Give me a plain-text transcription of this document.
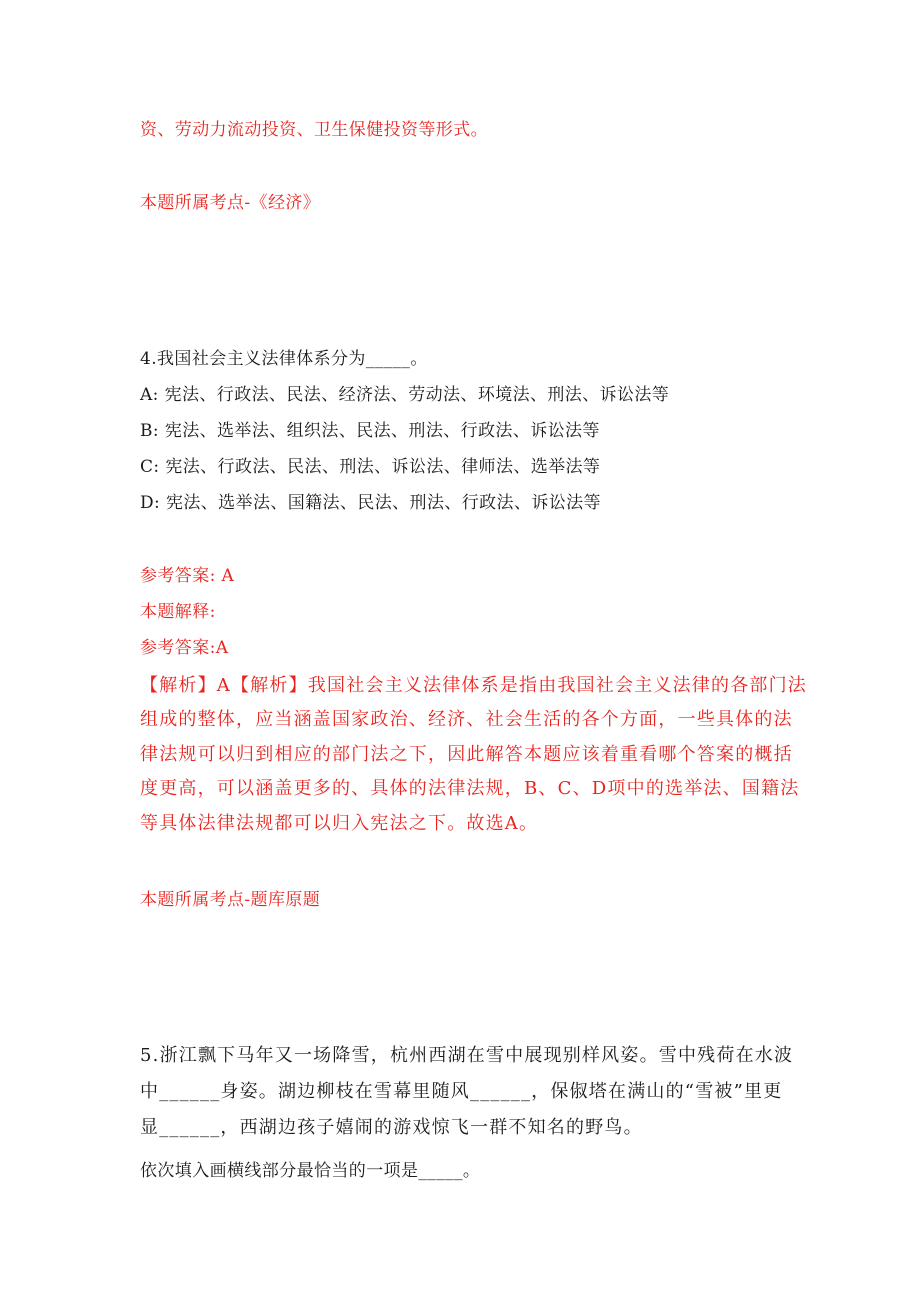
资、劳动力流动投资、卫生保健投资等形式。
本题所属考点-《经济》
4.我国社会主义法律体系分为_____。
A: 宪法、行政法、民法、经济法、劳动法、环境法、刑法、诉讼法等
B: 宪法、选举法、组织法、民法、刑法、行政法、诉讼法等
C: 宪法、行政法、民法、刑法、诉讼法、律师法、选举法等
D: 宪法、选举法、国籍法、民法、刑法、行政法、诉讼法等
参考答案: A
本题解释:
参考答案:A
【解析】A【解析】我国社会主义法律体系是指由我国社会主义法律的各部门法
组成的整体，应当涵盖国家政治、经济、社会生活的各个方面，一些具体的法
律法规可以归到相应的部门法之下，因此解答本题应该着重看哪个答案的概括
度更高，可以涵盖更多的、具体的法律法规，B、C、D项中的选举法、国籍法
等具体法律法规都可以归入宪法之下。故选A。
本题所属考点-题库原题
5.浙江飘下马年又一场降雪，杭州西湖在雪中展现别样风姿。雪中残荷在水波
中______身姿。湖边柳枝在雪幕里随风______，保俶塔在满山的“雪被”里更
显______，西湖边孩子嬉闹的游戏惊飞一群不知名的野鸟。
依次填入画横线部分最恰当的一项是_____。
